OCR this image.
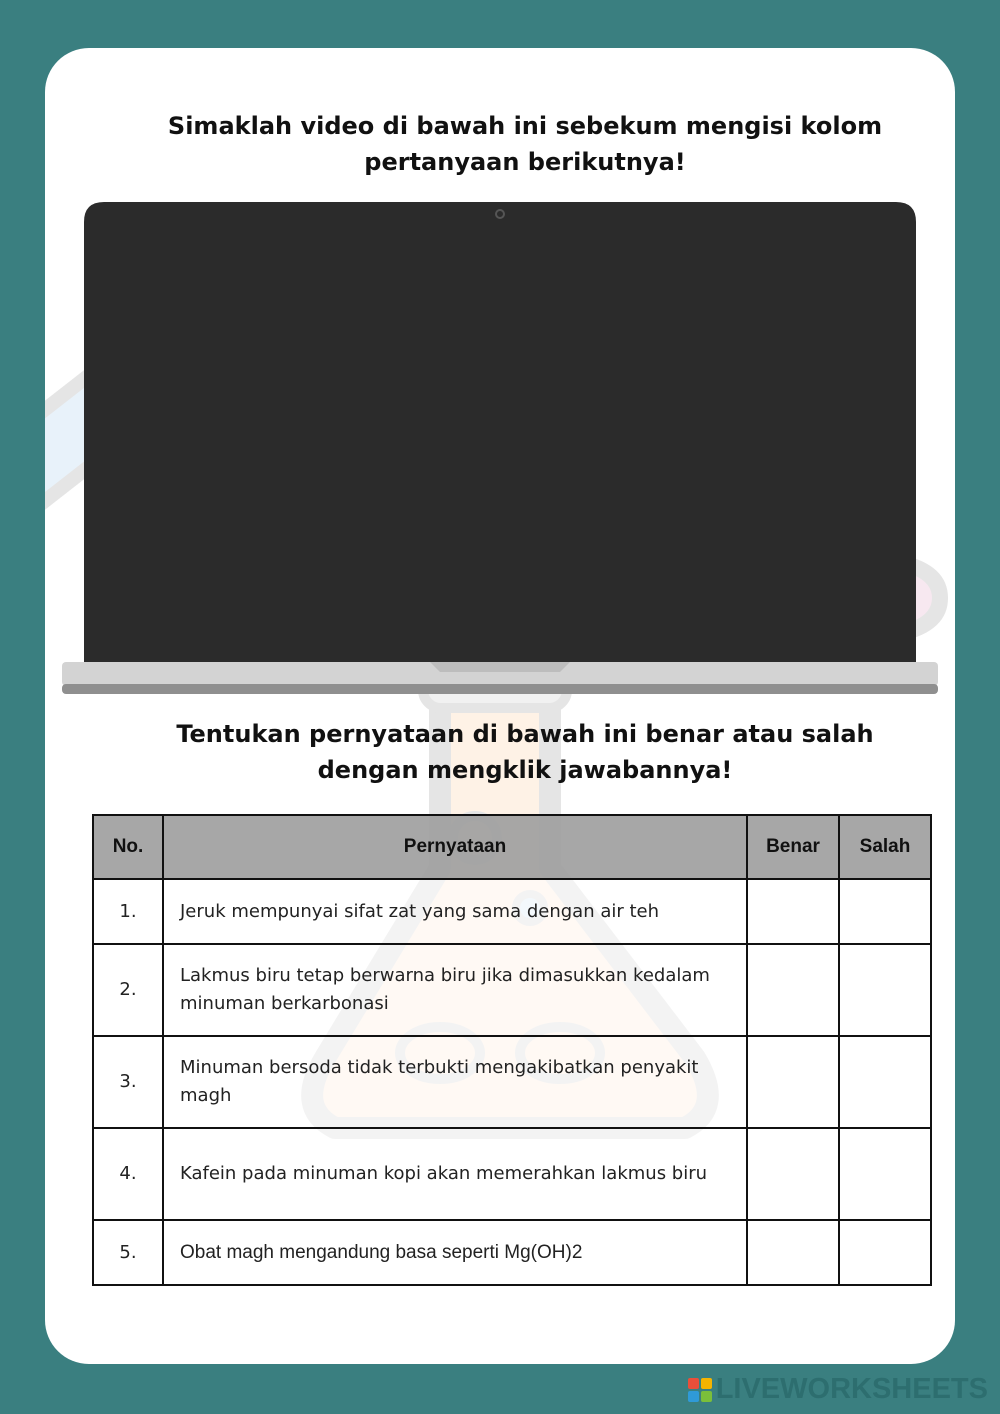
Simaklah video di bawah ini sebekum mengisi kolom pertanyaan berikutnya!
Tentukan pernyataan di bawah ini benar atau salah dengan mengklik jawabannya!
No.	Pernyataan	Benar	Salah
1.	Jeruk mempunyai sifat zat yang sama dengan air teh		
2.	Lakmus biru tetap berwarna biru jika dimasukkan kedalam minuman berkarbonasi		
3.	Minuman bersoda tidak terbukti mengakibatkan penyakit magh		
4.	Kafein pada minuman kopi akan memerahkan lakmus biru		
5.	Obat magh mengandung basa seperti Mg(OH)2		
LIVEWORKSHEETS
